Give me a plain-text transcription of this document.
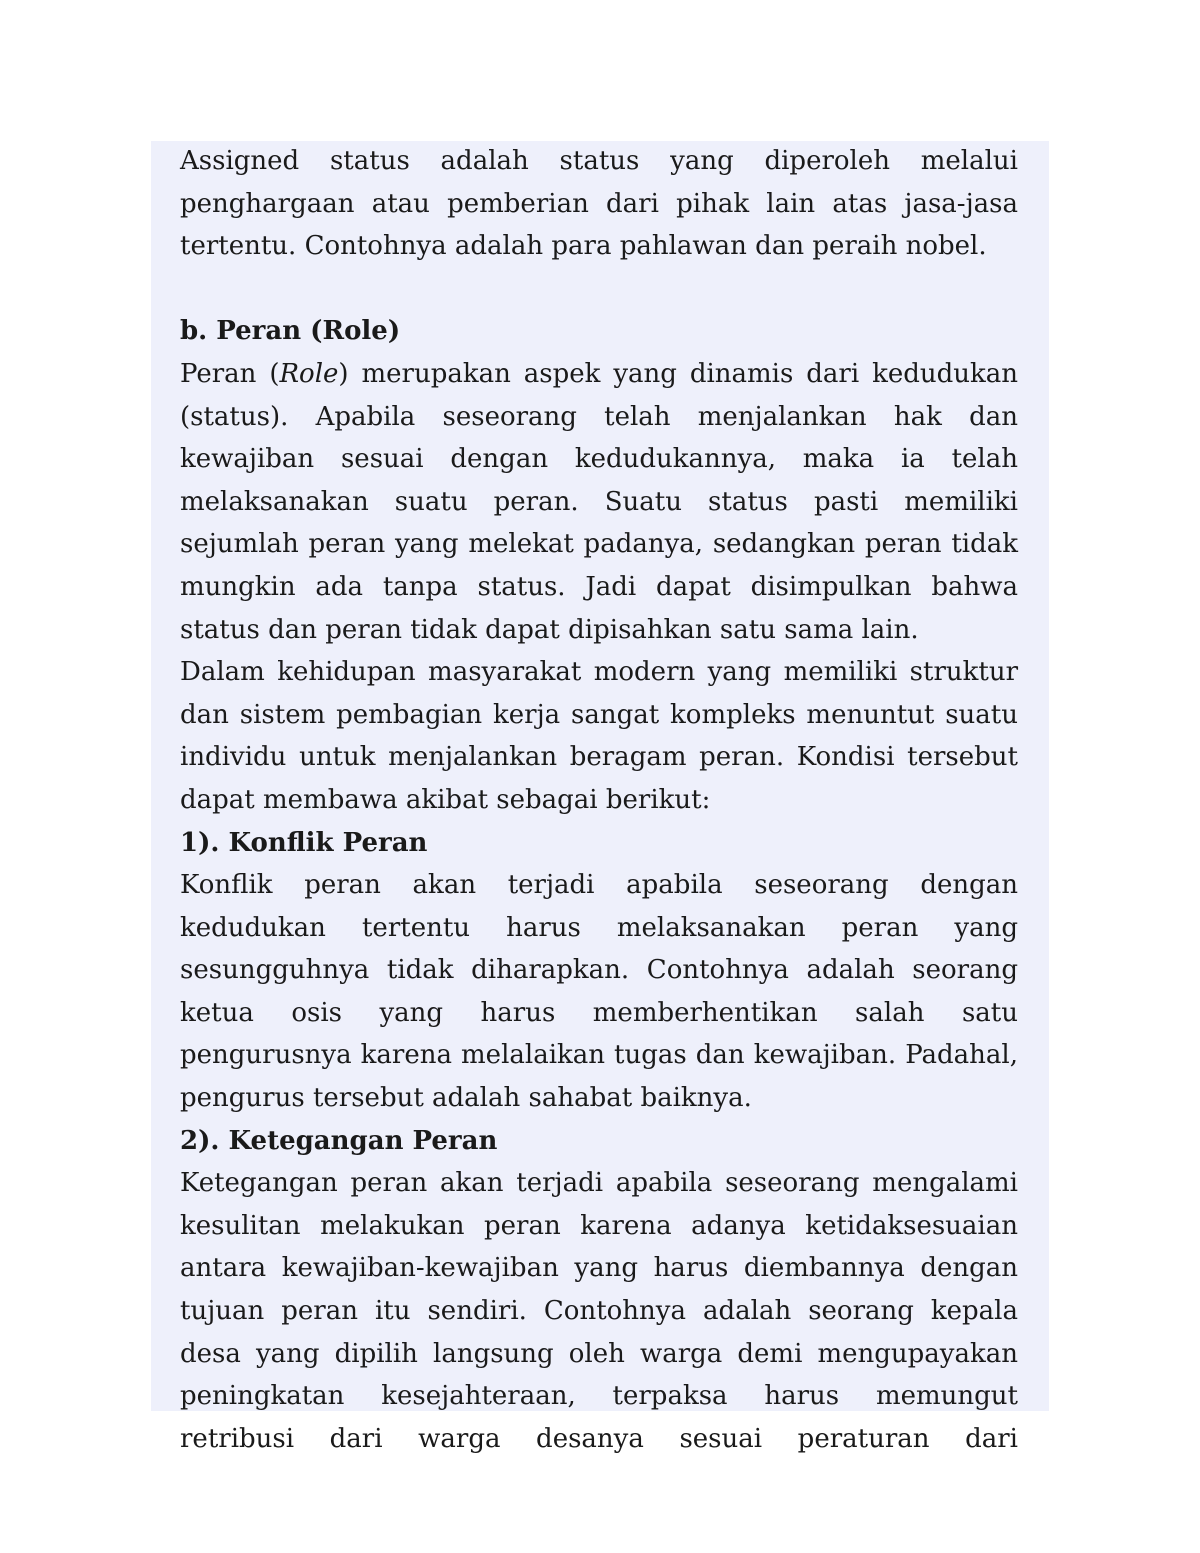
Assigned status adalah status yang diperoleh melalui penghargaan atau pemberian dari pihak lain atas jasa-jasa tertentu. Contohnya adalah para pahlawan dan peraih nobel.

b. Peran (Role)

Peran (Role) merupakan aspek yang dinamis dari kedudukan (status). Apabila seseorang telah menjalankan hak dan kewajiban sesuai dengan kedudukannya, maka ia telah melaksanakan suatu peran. Suatu status pasti memiliki sejumlah peran yang melekat padanya, sedangkan peran tidak mungkin ada tanpa status. Jadi dapat disimpulkan bahwa status dan peran tidak dapat dipisahkan satu sama lain.

Dalam kehidupan masyarakat modern yang memiliki struktur dan sistem pembagian kerja sangat kompleks menuntut suatu individu untuk menjalankan beragam peran. Kondisi tersebut dapat membawa akibat sebagai berikut:

1). Konflik Peran

Konflik peran akan terjadi apabila seseorang dengan kedudukan tertentu harus melaksanakan peran yang sesungguhnya tidak diharapkan. Contohnya adalah seorang ketua osis yang harus memberhentikan salah satu pengurusnya karena melalaikan tugas dan kewajiban. Padahal, pengurus tersebut adalah sahabat baiknya.

2). Ketegangan Peran

Ketegangan peran akan terjadi apabila seseorang mengalami kesulitan melakukan peran karena adanya ketidaksesuaian antara kewajiban-kewajiban yang harus diembannya dengan tujuan peran itu sendiri. Contohnya adalah seorang kepala desa yang dipilih langsung oleh warga demi mengupayakan peningkatan kesejahteraan, terpaksa harus memungut retribusi dari warga desanya sesuai peraturan dari
